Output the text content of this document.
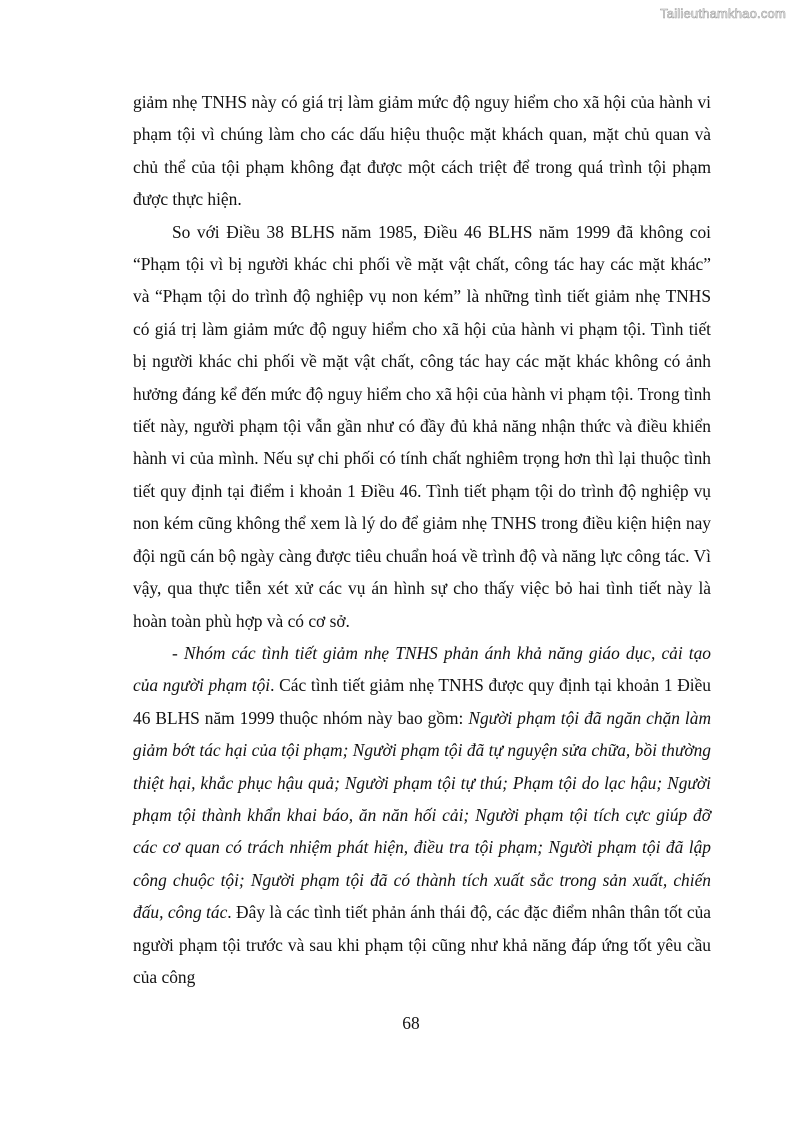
Tailieuthamkhao.com

giảm nhẹ TNHS này có giá trị làm giảm mức độ nguy hiểm cho xã hội của hành vi phạm tội vì chúng làm cho các dấu hiệu thuộc mặt khách quan, mặt chủ quan và chủ thể của tội phạm không đạt được một cách triệt để trong quá trình tội phạm được thực hiện.

So với Điều 38 BLHS năm 1985, Điều 46 BLHS năm 1999 đã không coi “Phạm tội vì bị người khác chi phối về mặt vật chất, công tác hay các mặt khác” và “Phạm tội do trình độ nghiệp vụ non kém” là những tình tiết giảm nhẹ TNHS có giá trị làm giảm mức độ nguy hiểm cho xã hội của hành vi phạm tội. Tình tiết bị người khác chi phối về mặt vật chất, công tác hay các mặt khác không có ảnh hưởng đáng kể đến mức độ nguy hiểm cho xã hội của hành vi phạm tội. Trong tình tiết này, người phạm tội vẫn gần như có đầy đủ khả năng nhận thức và điều khiển hành vi của mình. Nếu sự chi phối có tính chất nghiêm trọng hơn thì lại thuộc tình tiết quy định tại điểm i khoản 1 Điều 46. Tình tiết phạm tội do trình độ nghiệp vụ non kém cũng không thể xem là lý do để giảm nhẹ TNHS trong điều kiện hiện nay đội ngũ cán bộ ngày càng được tiêu chuẩn hoá về trình độ và năng lực công tác. Vì vậy, qua thực tiễn xét xử các vụ án hình sự cho thấy việc bỏ hai tình tiết này là hoàn toàn phù hợp và có cơ sở.

- Nhóm các tình tiết giảm nhẹ TNHS phản ánh khả năng giáo dục, cải tạo của người phạm tội. Các tình tiết giảm nhẹ TNHS được quy định tại khoản 1 Điều 46 BLHS năm 1999 thuộc nhóm này bao gồm: Người phạm tội đã ngăn chặn làm giảm bớt tác hại của tội phạm; Người phạm tội đã tự nguyện sửa chữa, bồi thường thiệt hại, khắc phục hậu quả; Người phạm tội tự thú; Phạm tội do lạc hậu; Người phạm tội thành khẩn khai báo, ăn năn hối cải; Người phạm tội tích cực giúp đỡ các cơ quan có trách nhiệm phát hiện, điều tra tội phạm; Người phạm tội đã lập công chuộc tội; Người phạm tội đã có thành tích xuất sắc trong sản xuất, chiến đấu, công tác. Đây là các tình tiết phản ánh thái độ, các đặc điểm nhân thân tốt của người phạm tội trước và sau khi phạm tội cũng như khả năng đáp ứng tốt yêu cầu của công

68
